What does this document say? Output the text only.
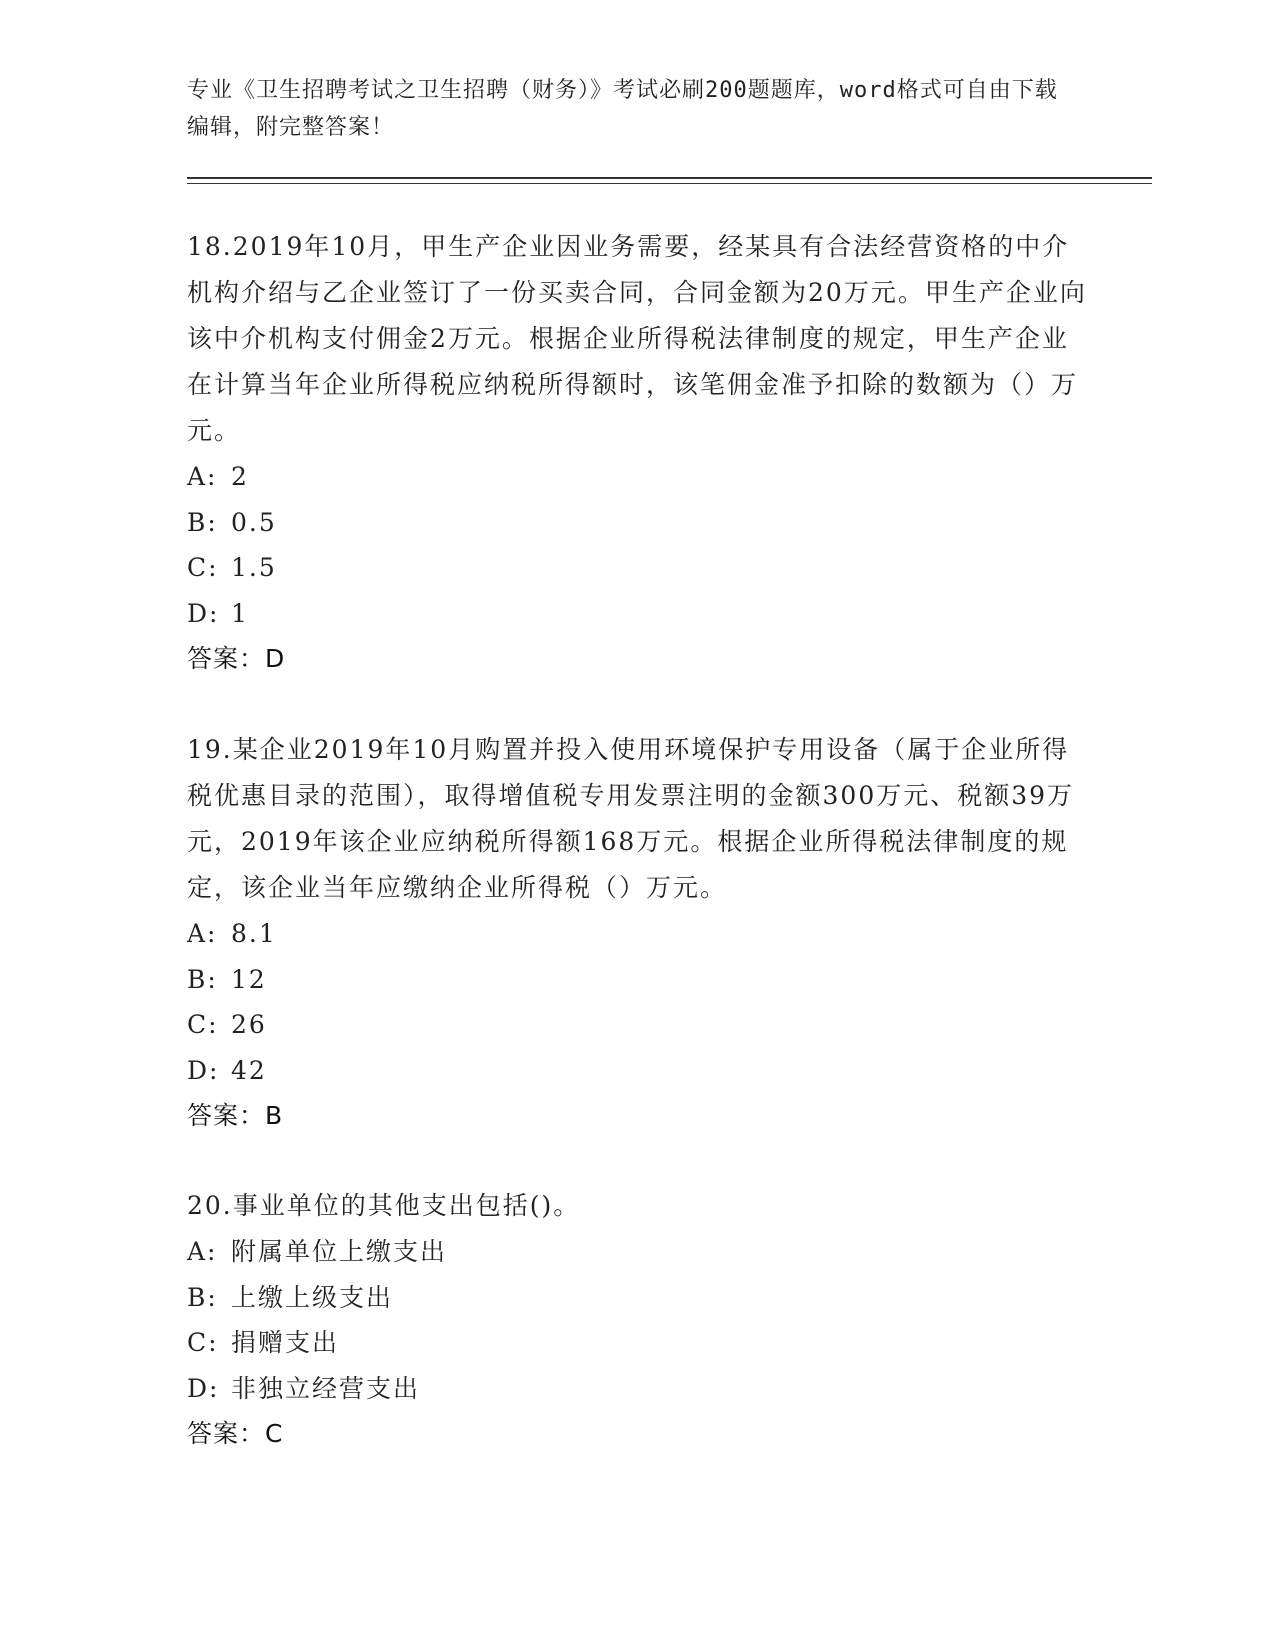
专业《卫生招聘考试之卫生招聘（财务）》考试必刷200题题库，word格式可自由下载编辑，附完整答案！

18.2019年10月，甲生产企业因业务需要，经某具有合法经营资格的中介机构介绍与乙企业签订了一份买卖合同，合同金额为20万元。甲生产企业向该中介机构支付佣金2万元。根据企业所得税法律制度的规定，甲生产企业在计算当年企业所得税应纳税所得额时，该笔佣金准予扣除的数额为（）万元。

A: 2
B: 0.5
C: 1.5
D: 1
答案：D

19.某企业2019年10月购置并投入使用环境保护专用设备（属于企业所得税优惠目录的范围），取得增值税专用发票注明的金额300万元、税额39万元，2019年该企业应纳税所得额168万元。根据企业所得税法律制度的规定，该企业当年应缴纳企业所得税（）万元。

A: 8.1
B: 12
C: 26
D: 42
答案：B

20.事业单位的其他支出包括()。

A: 附属单位上缴支出
B: 上缴上级支出
C: 捐赠支出
D: 非独立经营支出
答案：C
